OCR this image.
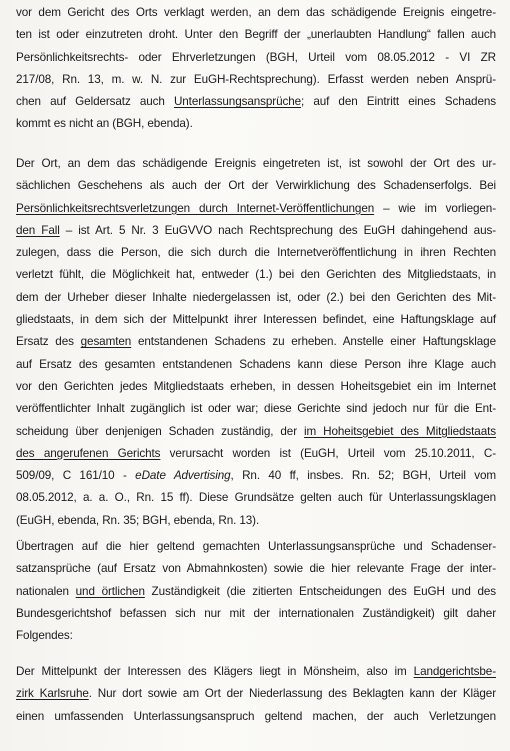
vor dem Gericht des Orts verklagt werden, an dem das schädigende Ereignis eingetre-
ten ist oder einzutreten droht. Unter den Begriff der „unerlaubten Handlung“ fallen auch
Persönlichkeitsrechts- oder Ehrverletzungen (BGH, Urteil vom 08.05.2012 - VI ZR
217/08, Rn. 13, m. w. N. zur EuGH-Rechtsprechung). Erfasst werden neben Ansprü-
chen auf Geldersatz auch Unterlassungsansprüche; auf den Eintritt eines Schadens
kommt es nicht an (BGH, ebenda).
Der Ort, an dem das schädigende Ereignis eingetreten ist, ist sowohl der Ort des ur-
sächlichen Geschehens als auch der Ort der Verwirklichung des Schadenserfolgs. Bei
Persönlichkeitsrechtsverletzungen durch Internet-Veröffentlichungen – wie im vorliegen-
den Fall – ist Art. 5 Nr. 3 EuGVVO nach Rechtsprechung des EuGH dahingehend aus-
zulegen, dass die Person, die sich durch die Internetveröffentlichung in ihren Rechten
verletzt fühlt, die Möglichkeit hat, entweder (1.) bei den Gerichten des Mitgliedstaats, in
dem der Urheber dieser Inhalte niedergelassen ist, oder (2.) bei den Gerichten des Mit-
gliedstaats, in dem sich der Mittelpunkt ihrer Interessen befindet, eine Haftungsklage auf
Ersatz des gesamten entstandenen Schadens zu erheben. Anstelle einer Haftungsklage
auf Ersatz des gesamten entstandenen Schadens kann diese Person ihre Klage auch
vor den Gerichten jedes Mitgliedstaats erheben, in dessen Hoheitsgebiet ein im Internet
veröffentlichter Inhalt zugänglich ist oder war; diese Gerichte sind jedoch nur für die Ent-
scheidung über denjenigen Schaden zuständig, der im Hoheitsgebiet des Mitgliedstaats
des angerufenen Gerichts verursacht worden ist (EuGH, Urteil vom 25.10.2011, C-
509/09, C 161/10 - eDate Advertising, Rn. 40 ff, insbes. Rn. 52; BGH, Urteil vom
08.05.2012, a. a. O., Rn. 15 ff). Diese Grundsätze gelten auch für Unterlassungsklagen
(EuGH, ebenda, Rn. 35; BGH, ebenda, Rn. 13).
Übertragen auf die hier geltend gemachten Unterlassungsansprüche und Schadenser-
satzansprüche (auf Ersatz von Abmahnkosten) sowie die hier relevante Frage der inter-
nationalen und örtlichen Zuständigkeit (die zitierten Entscheidungen des EuGH und des
Bundesgerichtshof befassen sich nur mit der internationalen Zuständigkeit) gilt daher
Folgendes:
Der Mittelpunkt der Interessen des Klägers liegt in Mönsheim, also im Landgerichtsbe-
zirk Karlsruhe. Nur dort sowie am Ort der Niederlassung des Beklagten kann der Kläger
einen umfassenden Unterlassungsanspruch geltend machen, der auch Verletzungen
